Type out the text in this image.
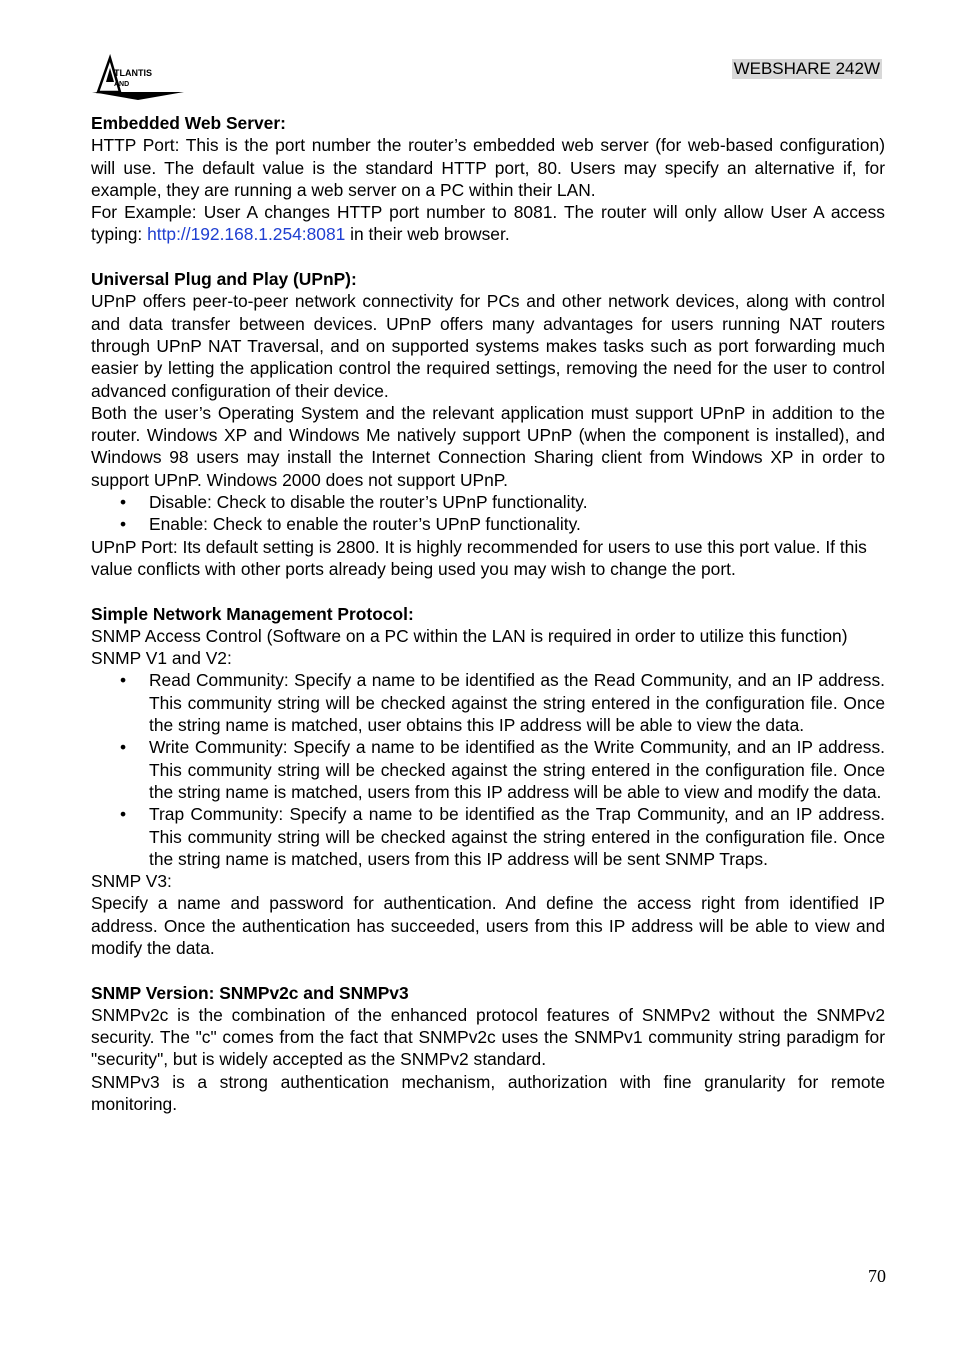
TLANTIS
AND
WEBSHARE 242W

Embedded Web Server:

HTTP Port: This is the port number the router’s embedded web server (for web-based configuration) will use. The default value is the standard HTTP port, 80. Users may specify an alternative if, for example, they are running a web server on a PC within their LAN.

For Example: User A changes HTTP port number to 8081. The router will only allow User A access typing: http://192.168.1.254:8081 in their web browser.

Universal Plug and Play (UPnP):

UPnP offers peer-to-peer network connectivity for PCs and other network devices, along with control and data transfer between devices. UPnP offers many advantages for users running NAT routers through UPnP NAT Traversal, and on supported systems makes tasks such as port forwarding much easier by letting the application control the required settings, removing the need for the user to control advanced configuration of their device.

Both the user’s Operating System and the relevant application must support UPnP in addition to the router. Windows XP and Windows Me natively support UPnP (when the component is installed), and Windows 98 users may install the Internet Connection Sharing client from Windows XP in order to support UPnP. Windows 2000 does not support UPnP.

• Disable: Check to disable the router’s UPnP functionality.
• Enable: Check to enable the router’s UPnP functionality.

UPnP Port: Its default setting is 2800. It is highly recommended for users to use this port value. If this value conflicts with other ports already being used you may wish to change the port.

Simple Network Management Protocol:

SNMP Access Control (Software on a PC within the LAN is required in order to utilize this function)

SNMP V1 and V2:

• Read Community: Specify a name to be identified as the Read Community, and an IP address. This community string will be checked against the string entered in the configuration file. Once the string name is matched, user obtains this IP address will be able to view the data.
• Write Community: Specify a name to be identified as the Write Community, and an IP address. This community string will be checked against the string entered in the configuration file. Once the string name is matched, users from this IP address will be able to view and modify the data.
• Trap Community: Specify a name to be identified as the Trap Community, and an IP address. This community string will be checked against the string entered in the configuration file. Once the string name is matched, users from this IP address will be sent SNMP Traps.

SNMP V3:

Specify a name and password for authentication. And define the access right from identified IP address. Once the authentication has succeeded, users from this IP address will be able to view and modify the data.

SNMP Version: SNMPv2c and SNMPv3

SNMPv2c is the combination of the enhanced protocol features of SNMPv2 without the SNMPv2 security. The "c" comes from the fact that SNMPv2c uses the SNMPv1 community string paradigm for "security", but is widely accepted as the SNMPv2 standard.

SNMPv3 is a strong authentication mechanism, authorization with fine granularity for remote monitoring.

70
